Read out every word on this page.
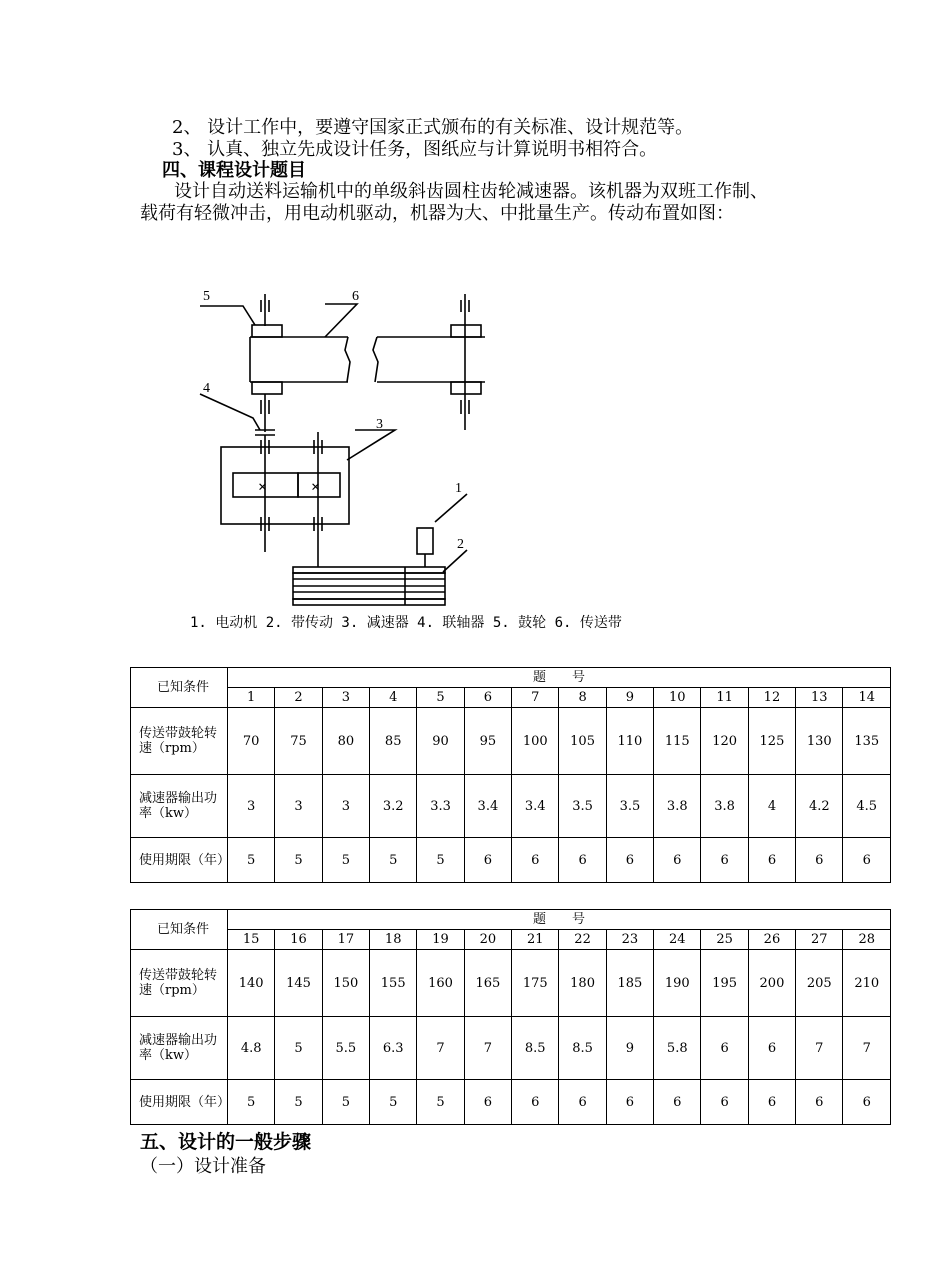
2、 设计工作中，要遵守国家正式颁布的有关标准、设计规范等。
3、 认真、独立先成设计任务，图纸应与计算说明书相符合。
四、课程设计题目
设计自动送料运输机中的单级斜齿圆柱齿轮减速器。该机器为双班工作制、
载荷有轻微冲击，用电动机驱动，机器为大、中批量生产。传动布置如图：
1
2
3
4
5	6
×	×
1. 电动机 2. 带传动 3. 减速器 4. 联轴器 5. 鼓轮 6. 传送带
已知条件	题　　号													
	1	2	3	4	5	6	7	8	9	10	11	12	13	14
传送带鼓轮转速（rpm）	70	75	80	85	90	95	100	105	110	115	120	125	130	135
减速器输出功率（kw）	3	3	3	3.2	3.3	3.4	3.4	3.5	3.5	3.8	3.8	4	4.2	4.5
使用期限（年）	5	5	5	5	5	6	6	6	6	6	6	6	6	6
已知条件	题　　号													
	15	16	17	18	19	20	21	22	23	24	25	26	27	28
传送带鼓轮转速（rpm）	140	145	150	155	160	165	175	180	185	190	195	200	205	210
减速器输出功率（kw）	4.8	5	5.5	6.3	7	7	8.5	8.5	9	5.8	6	6	7	7
使用期限（年）	5	5	5	5	5	6	6	6	6	6	6	6	6	6
五、设计的一般步骤
（一）设计准备
